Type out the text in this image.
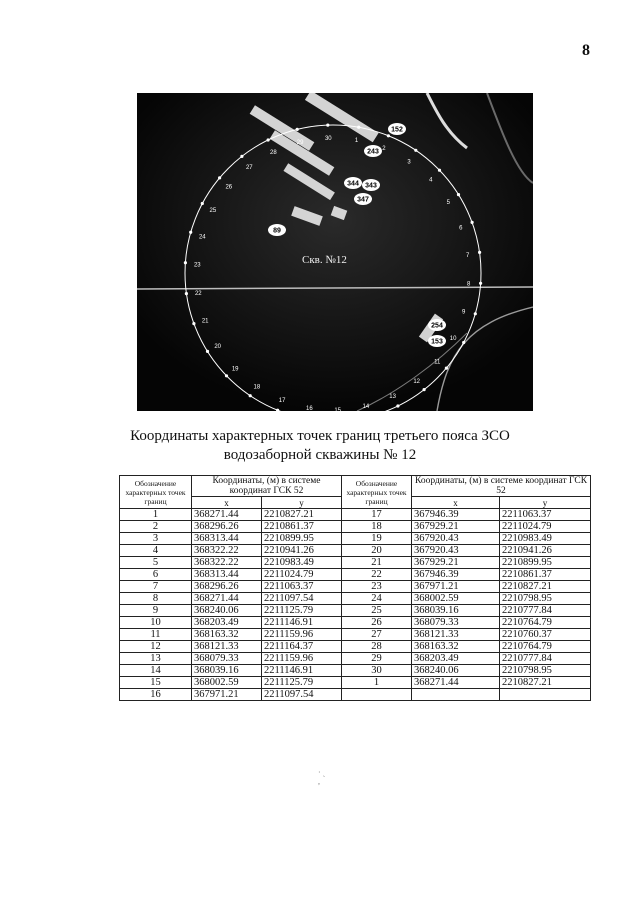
8
1
2
3
4
5
6
7
8
9
10
11
12
13
14
15
16
17
18
19
20
21
22
23
24
25
26
27
28
29
30
152
243
344 343
347
89
254
153
Скв. №12
Координаты характерных точек границ третьего пояса ЗСО
водозаборной скважины № 12
Обозначение характерных точек границ	Координаты, (м) в системе координат ГСК 52		Обозначение характерных точек границ	Координаты, (м) в системе координат ГСК 52	
	x	y		x	y
1	368271.44	2210827.21	17	367946.39	2211063.37
2	368296.26	2210861.37	18	367929.21	2211024.79
3	368313.44	2210899.95	19	367920.43	2210983.49
4	368322.22	2210941.26	20	367920.43	2210941.26
5	368322.22	2210983.49	21	367929.21	2210899.95
6	368313.44	2211024.79	22	367946.39	2210861.37
7	368296.26	2211063.37	23	367971.21	2210827.21
8	368271.44	2211097.54	24	368002.59	2210798.95
9	368240.06	2211125.79	25	368039.16	2210777.84
10	368203.49	2211146.91	26	368079.33	2210764.79
11	368163.32	2211159.96	27	368121.33	2210760.37
12	368121.33	2211164.37	28	368163.32	2210764.79
13	368079.33	2211159.96	29	368203.49	2210777.84
14	368039.16	2211146.91	30	368240.06	2210798.95
15	368002.59	2211125.79	1	368271.44	2210827.21
16	367971.21	2211097.54			
· ˎ
,
